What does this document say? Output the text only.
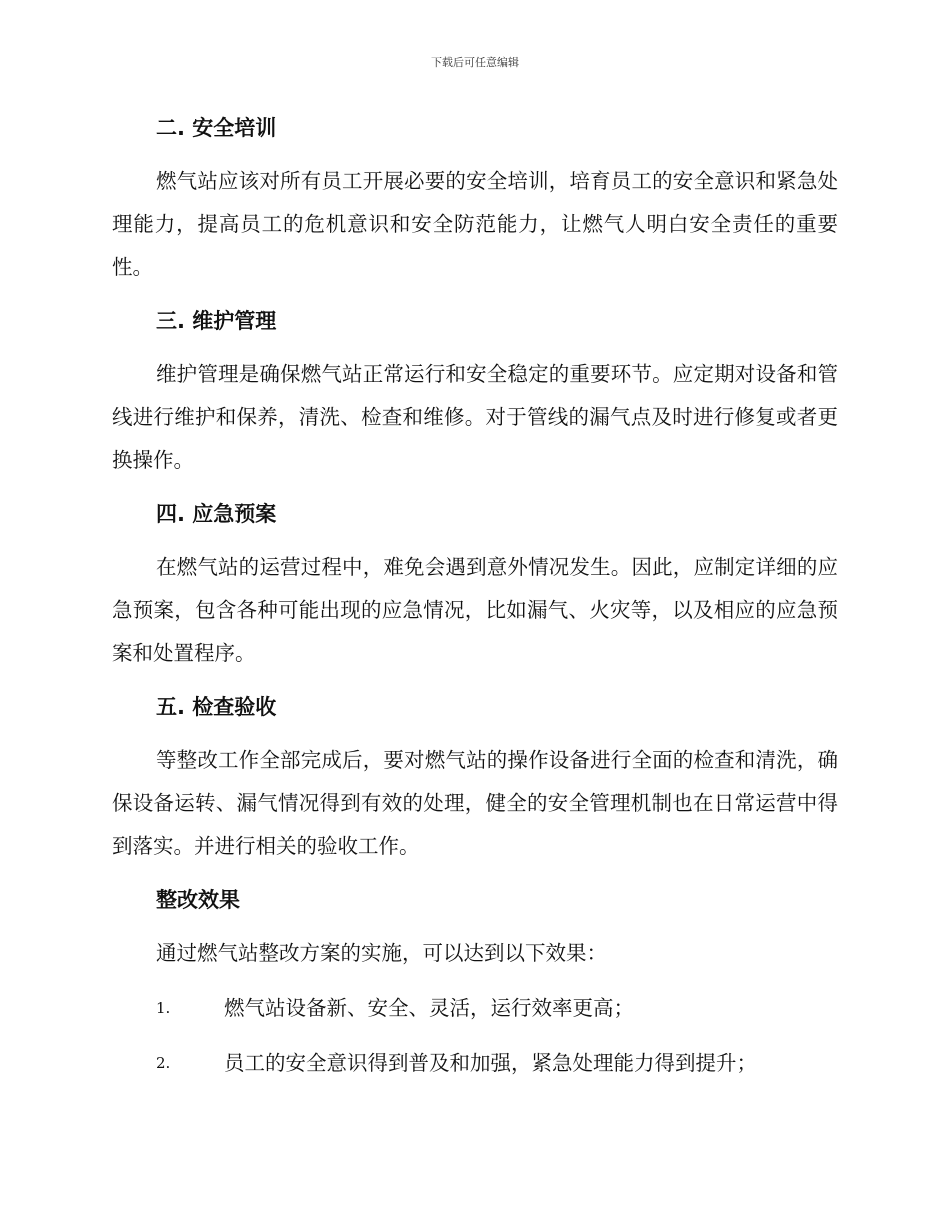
下载后可任意编辑
二. 安全培训

燃气站应该对所有员工开展必要的安全培训，培育员工的安全意识和紧急处理能力，提高员工的危机意识和安全防范能力，让燃气人明白安全责任的重要性。

三. 维护管理

维护管理是确保燃气站正常运行和安全稳定的重要环节。应定期对设备和管线进行维护和保养，清洗、检查和维修。对于管线的漏气点及时进行修复或者更换操作。

四. 应急预案

在燃气站的运营过程中，难免会遇到意外情况发生。因此，应制定详细的应急预案，包含各种可能出现的应急情况，比如漏气、火灾等，以及相应的应急预案和处置程序。

五. 检查验收

等整改工作全部完成后，要对燃气站的操作设备进行全面的检查和清洗，确保设备运转、漏气情况得到有效的处理，健全的安全管理机制也在日常运营中得到落实。并进行相关的验收工作。

整改效果

通过燃气站整改方案的实施，可以达到以下效果：

1.	燃气站设备新、安全、灵活，运行效率更高；
2.	员工的安全意识得到普及和加强，紧急处理能力得到提升；
